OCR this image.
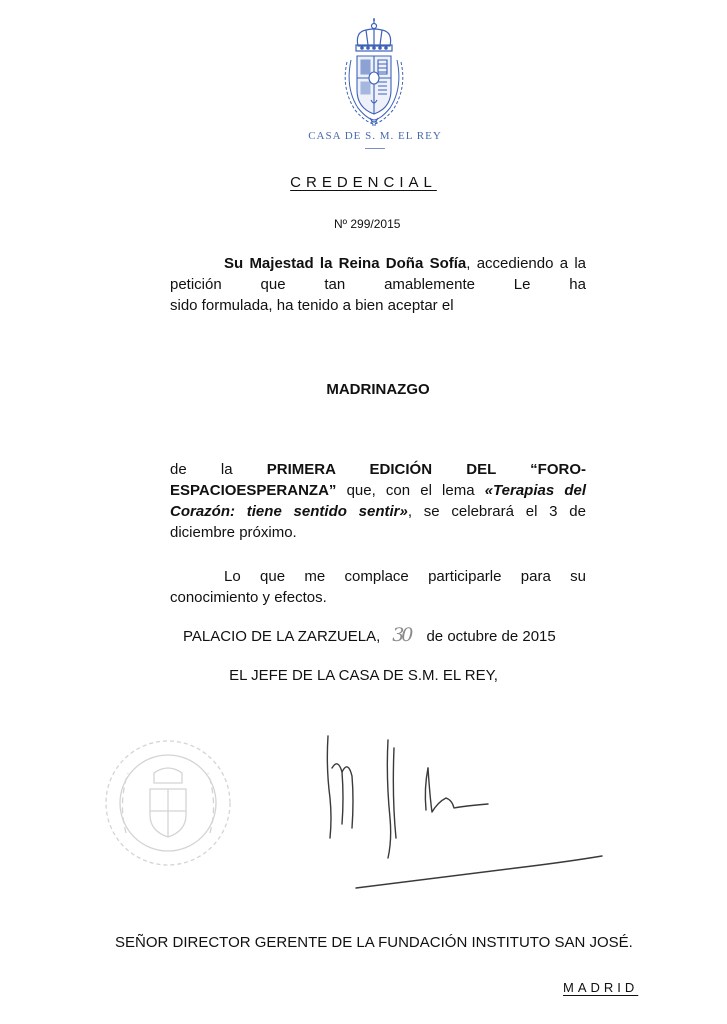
CASA DE S. M. EL REY
CREDENCIAL
Nº 299/2015
Su Majestad la Reina Doña Sofía, accediendo a la petición que tan amablemente Le ha
sido formulada, ha tenido a bien aceptar el
MADRINAZGO
de la PRIMERA EDICIÓN DEL “FORO-ESPACIOESPERANZA” que, con el lema «Terapias del Corazón: tiene sentido sentir», se celebrará el 3 de diciembre próximo.
Lo que me complace participarle para su
conocimiento y efectos.
PALACIO DE LA ZARZUELA, 30 de octubre de 2015
EL JEFE DE LA CASA DE S.M. EL REY,
SEÑOR DIRECTOR GERENTE DE LA FUNDACIÓN INSTITUTO SAN JOSÉ.
MADRID
